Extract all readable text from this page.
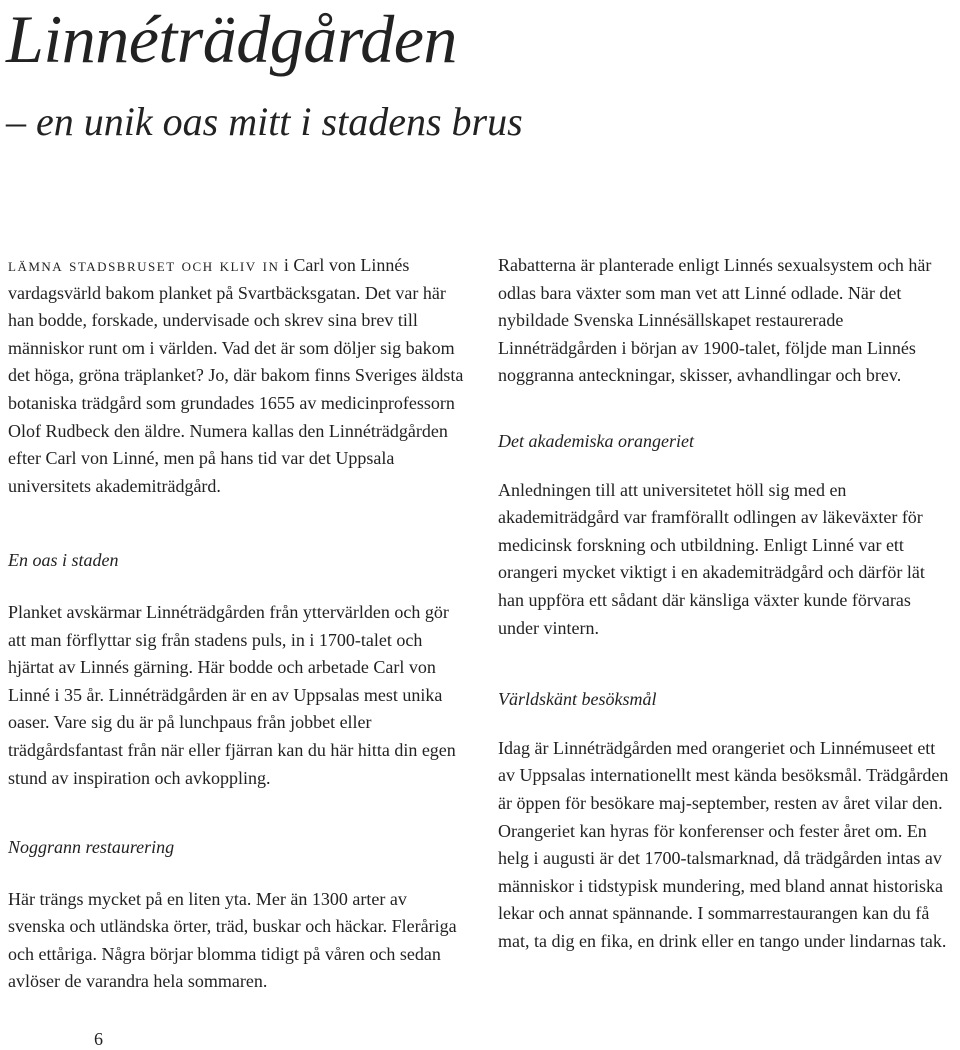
Linnéträdgården
– en unik oas mitt i stadens brus

lämna stadsbruset och kliv in i Carl von Linnés vardagsvärld bakom planket på Svartbäcksgatan. Det var här han bodde, forskade, undervisade och skrev sina brev till människor runt om i världen. Vad det är som döljer sig bakom det höga, gröna träplanket? Jo, där bakom finns Sveriges äldsta botaniska trädgård som grundades 1655 av medicinprofessorn Olof Rudbeck den äldre. Numera kallas den Linnéträdgården efter Carl von Linné, men på hans tid var det Uppsala universitets akademiträdgård.

En oas i staden

Planket avskärmar Linnéträdgården från yttervärlden och gör att man förflyttar sig från stadens puls, in i 1700-talet och hjärtat av Linnés gärning. Här bodde och arbetade Carl von Linné i 35 år. Linnéträdgården är en av Uppsalas mest unika oaser. Vare sig du är på lunchpaus från jobbet eller trädgårdsfantast från när eller fjärran kan du här hitta din egen stund av inspiration och avkoppling.

Noggrann restaurering

Här trängs mycket på en liten yta. Mer än 1300 arter av svenska och utländska örter, träd, buskar och häckar. Fleråriga och ettåriga. Några börjar blomma tidigt på våren och sedan avlöser de varandra hela sommaren.

Rabatterna är planterade enligt Linnés sexualsystem och här odlas bara växter som man vet att Linné odlade. När det nybildade Svenska Linnésällskapet restaurerade Linnéträdgården i början av 1900-talet, följde man Linnés noggranna anteckningar, skisser, avhandlingar och brev.

Det akademiska orangeriet

Anledningen till att universitetet höll sig med en akademiträdgård var framförallt odlingen av läkeväxter för medicinsk forskning och utbildning. Enligt Linné var ett orangeri mycket viktigt i en akademiträdgård och därför lät han uppföra ett sådant där känsliga växter kunde förvaras under vintern.

Världskänt besöksmål

Idag är Linnéträdgården med orangeriet och Linnémuseet ett av Uppsalas internationellt mest kända besöksmål. Trädgården är öppen för besökare maj-september, resten av året vilar den. Orangeriet kan hyras för konferenser och fester året om. En helg i augusti är det 1700-talsmarknad, då trädgården intas av människor i tidstypisk mundering, med bland annat historiska lekar och annat spännande. I sommarrestaurangen kan du få mat, ta dig en fika, en drink eller en tango under lindarnas tak.

6
